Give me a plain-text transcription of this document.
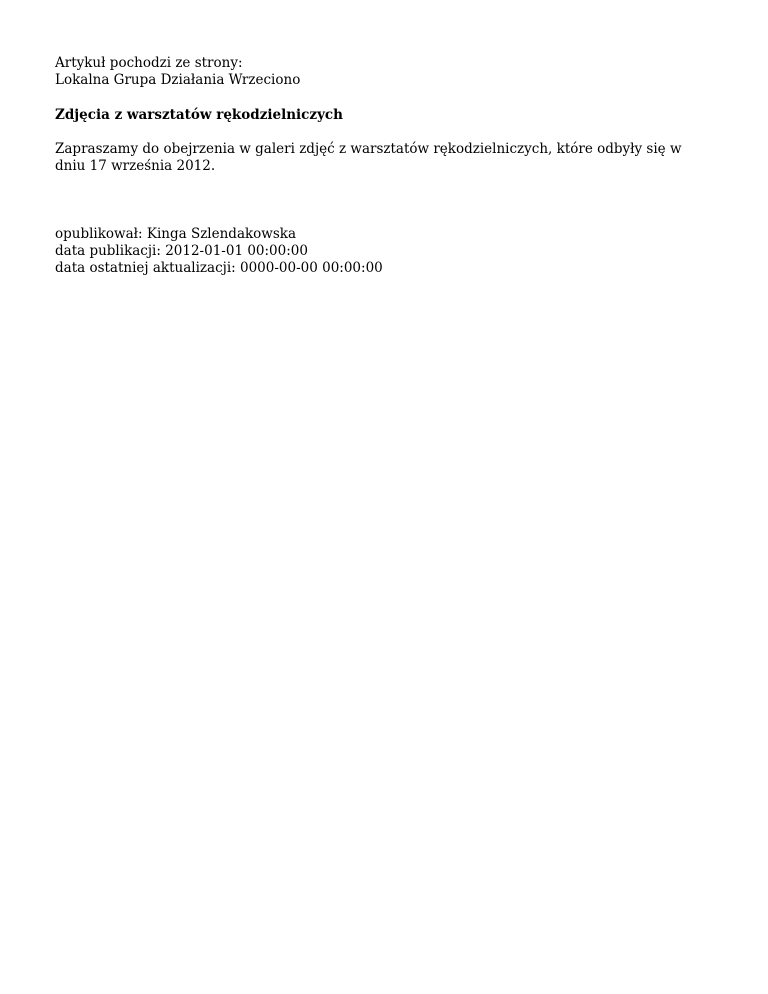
Artykuł pochodzi ze strony:

Lokalna Grupa Działania Wrzeciono

Zdjęcia z warsztatów rękodzielniczych

Zapraszamy do obejrzenia w galeri zdjęć z warsztatów rękodzielniczych, które odbyły się w dniu 17 września 2012.

opublikował: Kinga Szlendakowska

data publikacji: 2012-01-01 00:00:00

data ostatniej aktualizacji: 0000-00-00 00:00:00
